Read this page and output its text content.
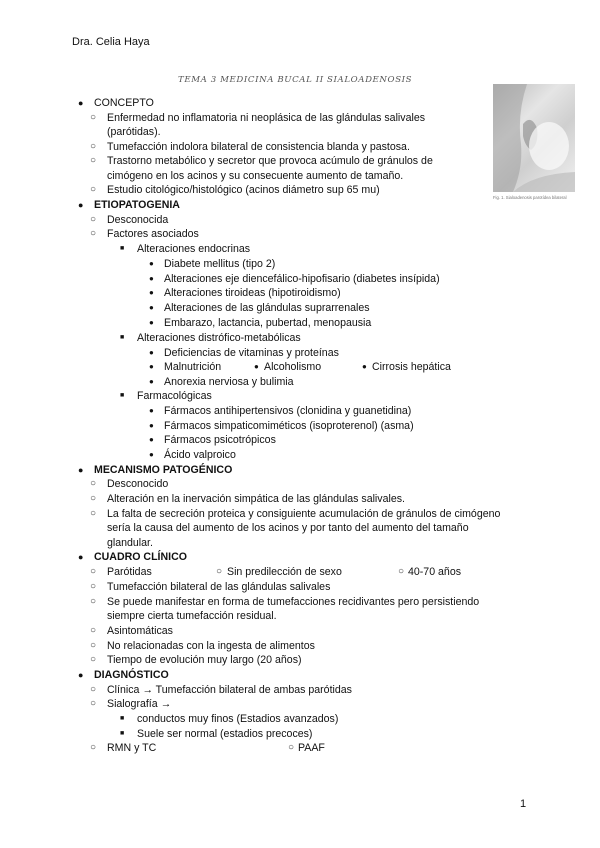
Dra. Celia Haya
TEMA 3 MEDICINA BUCAL II SIALOADENOSIS
Fig. 1. Sialoadenosis parotídea bilateral
● CONCEPTO
○ Enfermedad no inflamatoria ni neoplásica de las glándulas salivales
(parótidas).
○ Tumefacción indolora bilateral de consistencia blanda y pastosa.
○ Trastorno metabólico y secretor que provoca acúmulo de gránulos de
cimógeno en los acinos y su consecuente aumento de tamaño.
○ Estudio citológico/histológico (acinos diámetro sup 65 mu)
● ETIOPATOGENIA
○ Desconocida
○ Factores asociados
■ Alteraciones endocrinas
● Diabete mellitus (tipo 2)
● Alteraciones eje diencefálico-hipofisario (diabetes insípida)
● Alteraciones tiroideas (hipotiroidismo)
● Alteraciones de las glándulas suprarrenales
● Embarazo, lactancia, pubertad, menopausia
■ Alteraciones distrófico-metabólicas
● Deficiencias de vitaminas y proteínas
● Malnutrición	● Alcoholismo	● Cirrosis hepática
● Anorexia nerviosa y bulimia
■ Farmacológicas
● Fármacos antihipertensivos (clonidina y guanetidina)
● Fármacos simpaticomiméticos (isoproterenol) (asma)
● Fármacos psicotrópicos
● Ácido valproico
● MECANISMO PATOGÉNICO
○ Desconocido
○ Alteración en la inervación simpática de las glándulas salivales.
○ La falta de secreción proteica y consiguiente acumulación de gránulos de cimógeno
sería la causa del aumento de los acinos y por tanto del aumento del tamaño
glandular.
● CUADRO CLÍNICO
○ Parótidas	○ Sin predilección de sexo	○ 40-70 años
○ Tumefacción bilateral de las glándulas salivales
○ Se puede manifestar en forma de tumefacciones recidivantes pero persistiendo
siempre cierta tumefacción residual.
○ Asintomáticas
○ No relacionadas con la ingesta de alimentos
○ Tiempo de evolución muy largo (20 años)
● DIAGNÓSTICO
○ Clínica → Tumefacción bilateral de ambas parótidas
○ Sialografía →
■ conductos muy finos (Estadios avanzados)
■ Suele ser normal (estadios precoces)
○ RMN y TC	○ PAAF
1
